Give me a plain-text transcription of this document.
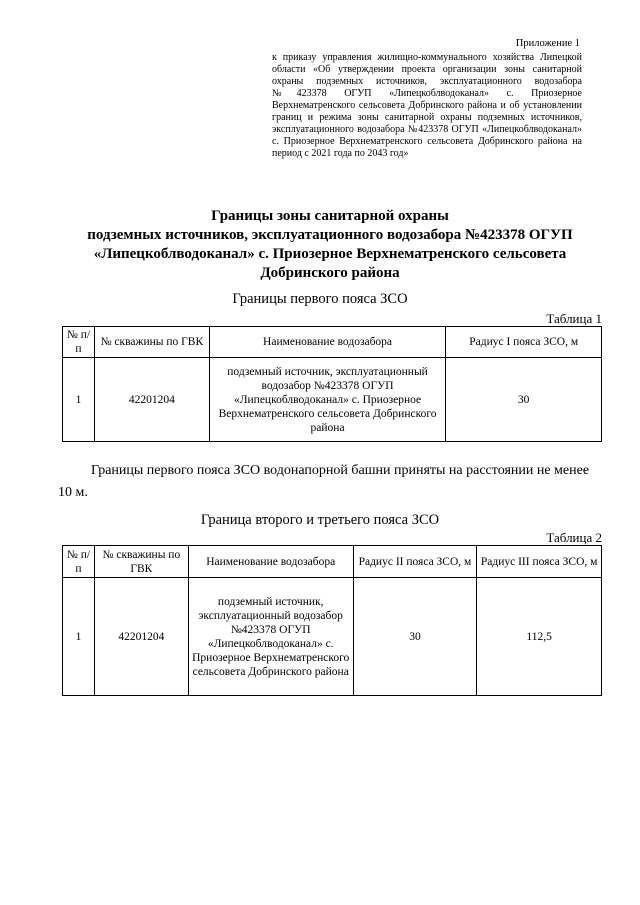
Приложение 1
к приказу управления жилищно-коммунального хозяйства Липецкой области «Об утверждении проекта организации зоны санитарной охраны подземных источников, эксплуатационного водозабора №423378 ОГУП «Липецкоблводоканал» с. Приозерное Верхнематренского сельсовета Добринского района и об установлении границ и режима зоны санитарной охраны подземных источников, эксплуатационного водозабора №423378 ОГУП «Липецкоблводоканал» с. Приозерное Верхнематренского сельсовета Добринского района на период с 2021 года по 2043 год»
Границы зоны санитарной охраны
подземных источников, эксплуатационного водозабора №423378 ОГУП
«Липецкоблводоканал» с. Приозерное Верхнематренского сельсовета
Добринского района
Границы первого пояса ЗСО
Таблица 1
№ п/п	№ скважины по ГВК	Наименование водозабора	Радиус I пояса ЗСО, м
1	42201204	подземный источник, эксплуатационный водозабор №423378 ОГУП «Липецкоблводоканал» с. Приозерное Верхнематренского сельсовета Добринского района	30
Границы первого пояса ЗСО водонапорной башни приняты на расстоянии не менее 10 м.
Граница второго и третьего пояса ЗСО
Таблица 2
№ п/п	№ скважины по ГВК	Наименование водозабора	Радиус II пояса ЗСО, м	Радиус III пояса ЗСО, м
1	42201204	подземный источник, эксплуатационный водозабор №423378 ОГУП «Липецкоблводоканал» с. Приозерное Верхнематренского сельсовета Добринского района	30	112,5
